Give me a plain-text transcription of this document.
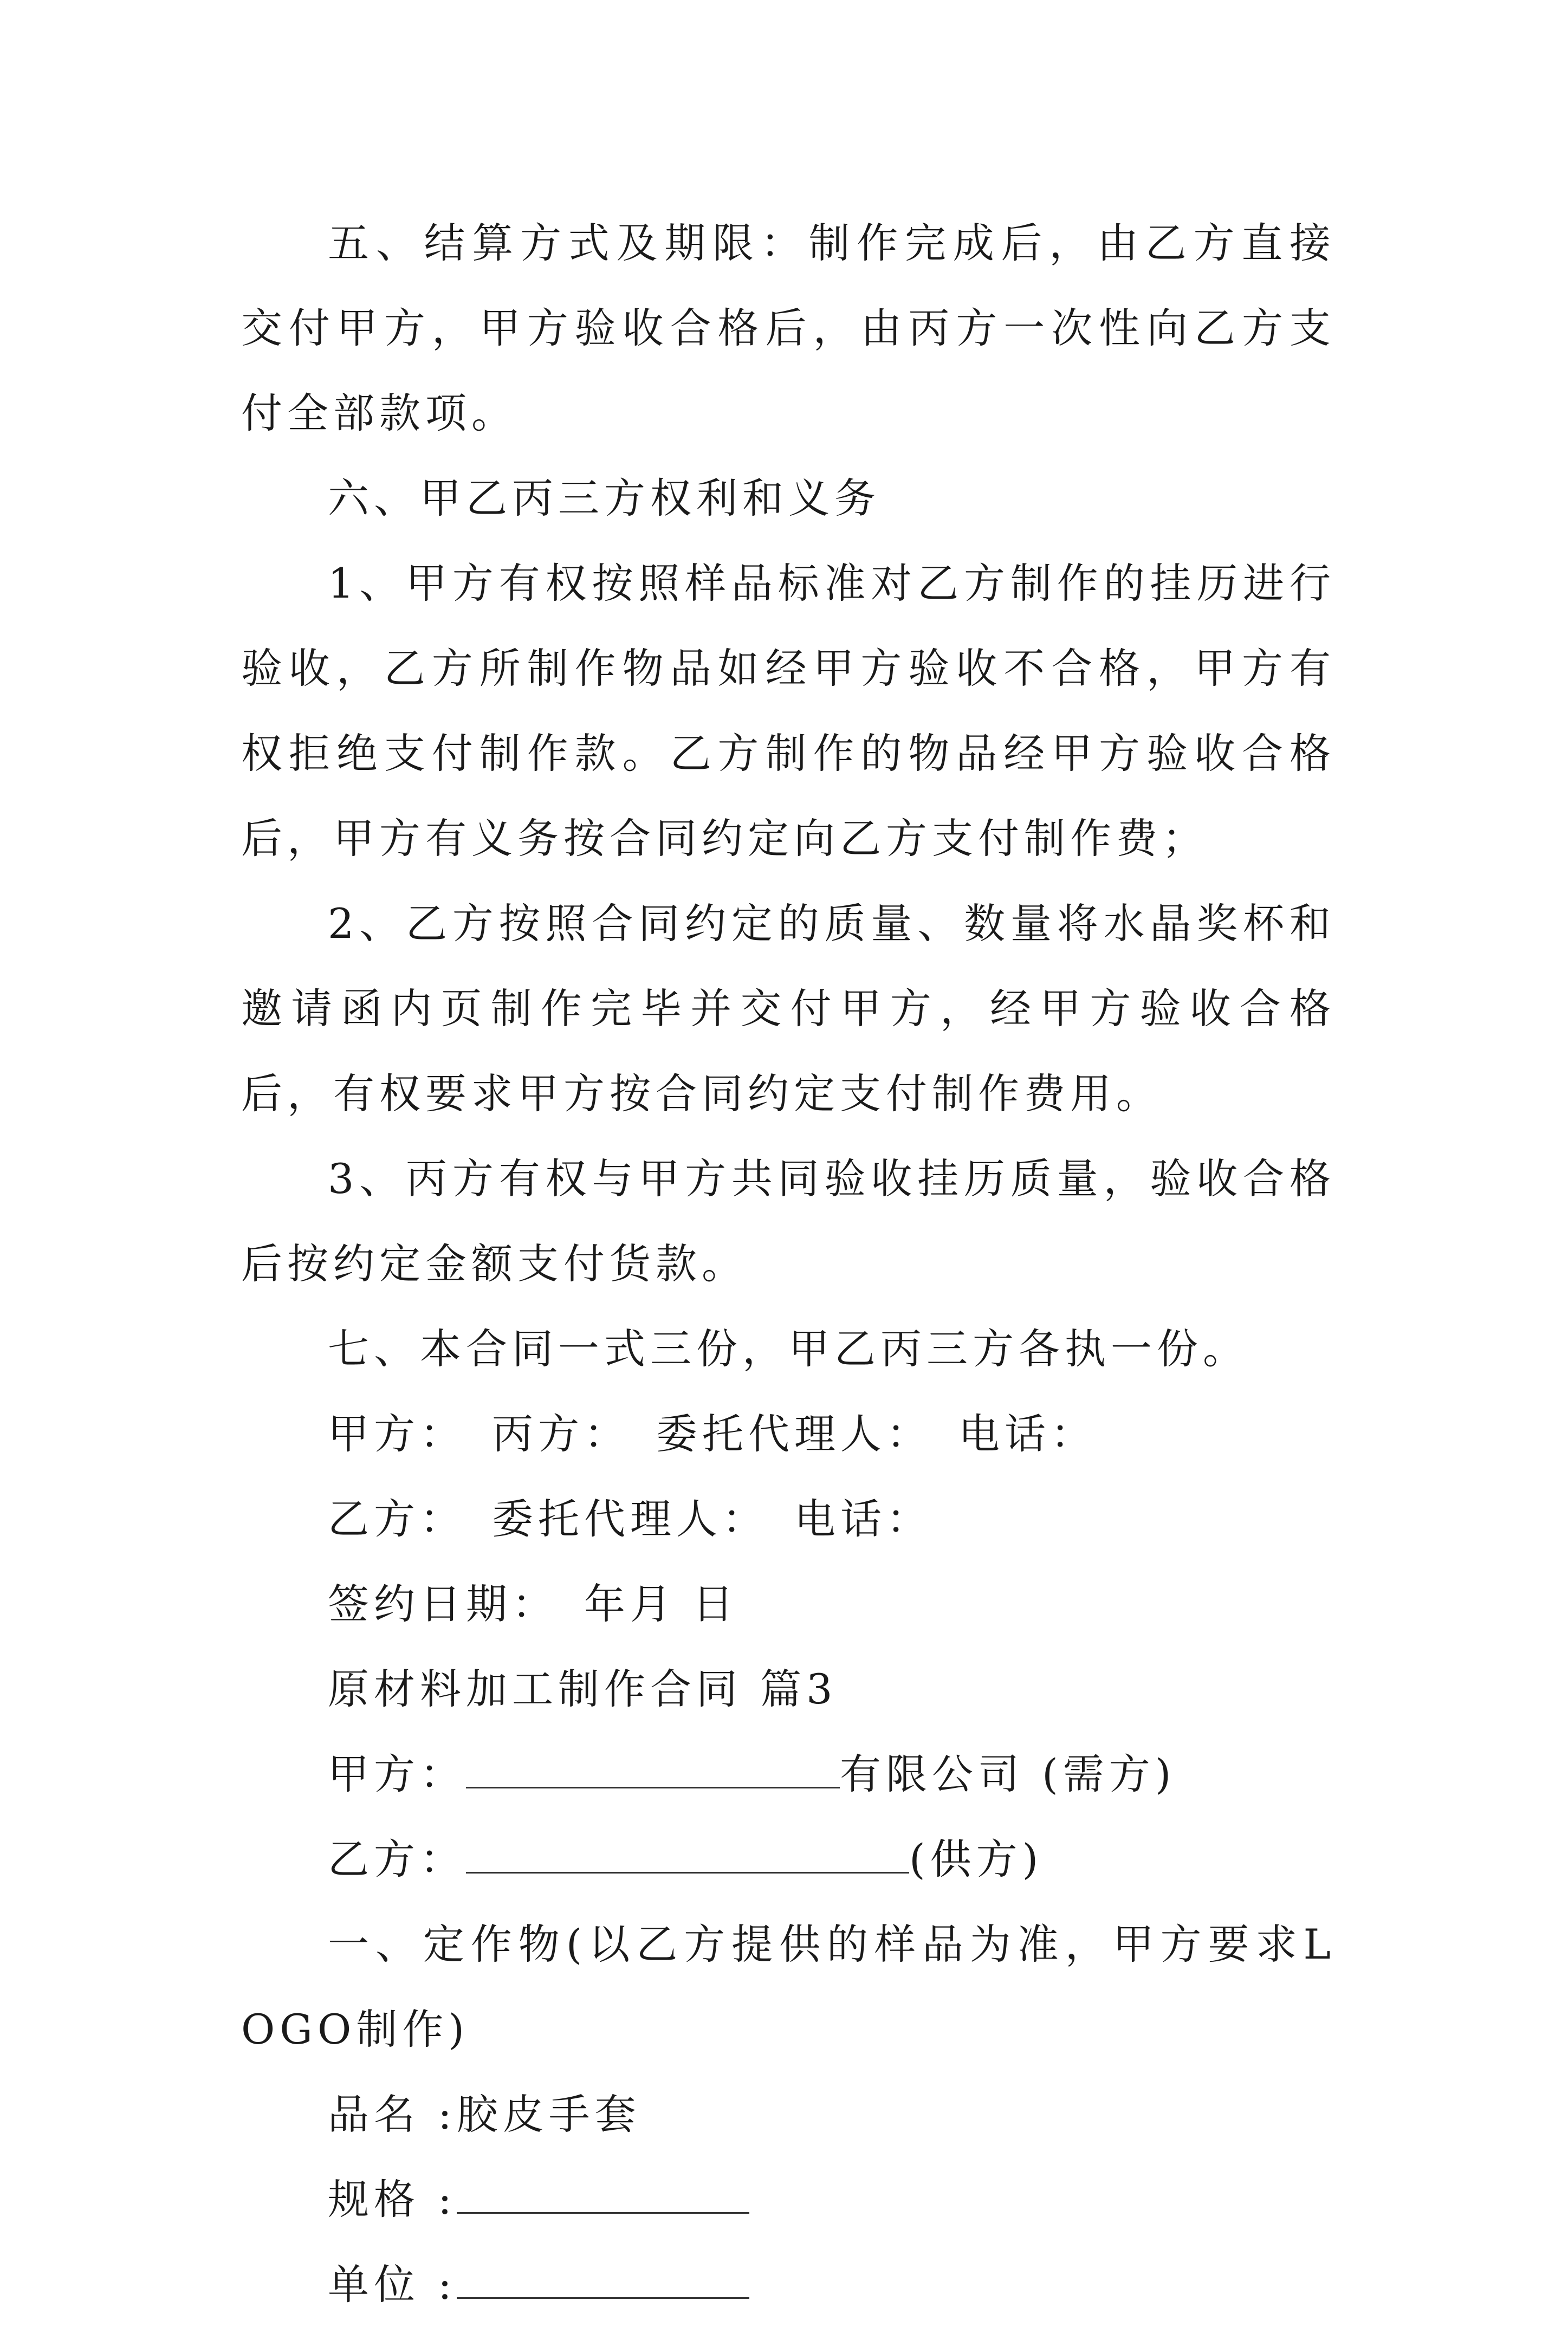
五、结算方式及期限：制作完成后，由乙方直接交付甲方，甲方验收合格后，由丙方一次性向乙方支付全部款项。

六、甲乙丙三方权利和义务

1、甲方有权按照样品标准对乙方制作的挂历进行验收，乙方所制作物品如经甲方验收不合格，甲方有权拒绝支付制作款。乙方制作的物品经甲方验收合格后，甲方有义务按合同约定向乙方支付制作费；

2、乙方按照合同约定的质量、数量将水晶奖杯和邀请函内页制作完毕并交付甲方，经甲方验收合格后，有权要求甲方按合同约定支付制作费用。

3、丙方有权与甲方共同验收挂历质量，验收合格后按约定金额支付货款。

七、本合同一式三份，甲乙丙三方各执一份。

甲方： 丙方： 委托代理人： 电话：

乙方： 委托代理人： 电话：

签约日期： 年月 日

原材料加工制作合同 篇3

甲方：	有限公司 (需方)

乙方：	(供方)

一、定作物(以乙方提供的样品为准，甲方要求LOGO制作)

品名 :胶皮手套

规格 :

单位 :
